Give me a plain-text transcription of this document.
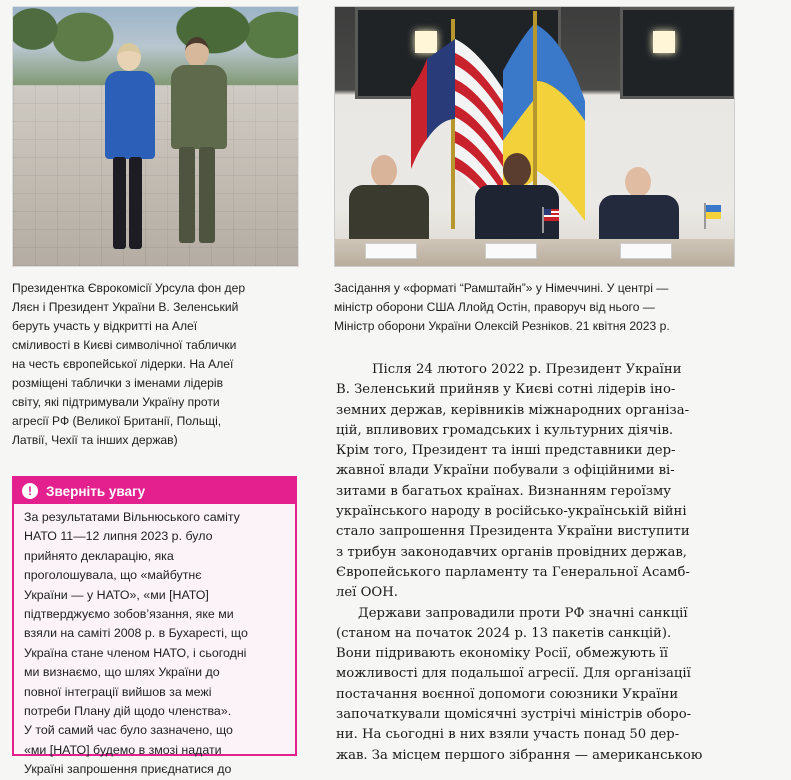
Президентка Єврокомісії Урсула фон дер
Ляєн і Президент України В. Зеленський
беруть участь у відкритті на Алеї
сміливості в Києві символічної таблички
на честь європейської лідерки. На Алеї
розміщені таблички з іменами лідерів
світу, які підтримували Україну проти
агресії РФ (Великої Британії, Польщі,
Латвії, Чехії та інших держав)
Засідання у «форматі “Рамштайн”» у Німеччині. У центрі —
міністр оборони США Ллойд Остін, праворуч від нього —
Міністр оборони України Олексій Резніков. 21 квітня 2023 р.
!	Зверніть увагу
За результатами Вільнюського саміту
НАТО 11—12 липня 2023 р. було
прийнято декларацію, яка
проголошувала, що «майбутнє
України — у НАТО», «ми [НАТО]
підтверджуємо зобов’язання, яке ми
взяли на саміті 2008 р. в Бухаресті, що
Україна стане членом НАТО, і сьогодні
ми визнаємо, що шлях України до
повної інтеграції вийшов за межі
потреби Плану дій щодо членства».
У той самий час було зазначено, що
«ми [НАТО] будемо в змозі надати
Україні запрошення приєднатися до
Після 24 лютого 2022 р. Президент України
В. Зеленський прийняв у Києві сотні лідерів іно-
земних держав, керівників міжнародних організа-
цій, впливових громадських і культурних діячів.
Крім того, Президент та інші представники дер-
жавної влади України побували з офіційними ві-
зитами в багатьох країнах. Визнанням героїзму
українського народу в російсько-українській війні
стало запрошення Президента України виступити
з трибун законодавчих органів провідних держав,
Європейського парламенту та Генеральної Асамб-
леї ООН.
Держави запровадили проти РФ значні санкції
(станом на початок 2024 р. 13 пакетів санкцій).
Вони підривають економіку Росії, обмежують її
можливості для подальшої агресії. Для організації
постачання воєнної допомоги союзники України
започаткували щомісячні зустрічі міністрів оборо-
ни. На сьогодні в них взяли участь понад 50 дер-
жав. За місцем першого зібрання — американською
